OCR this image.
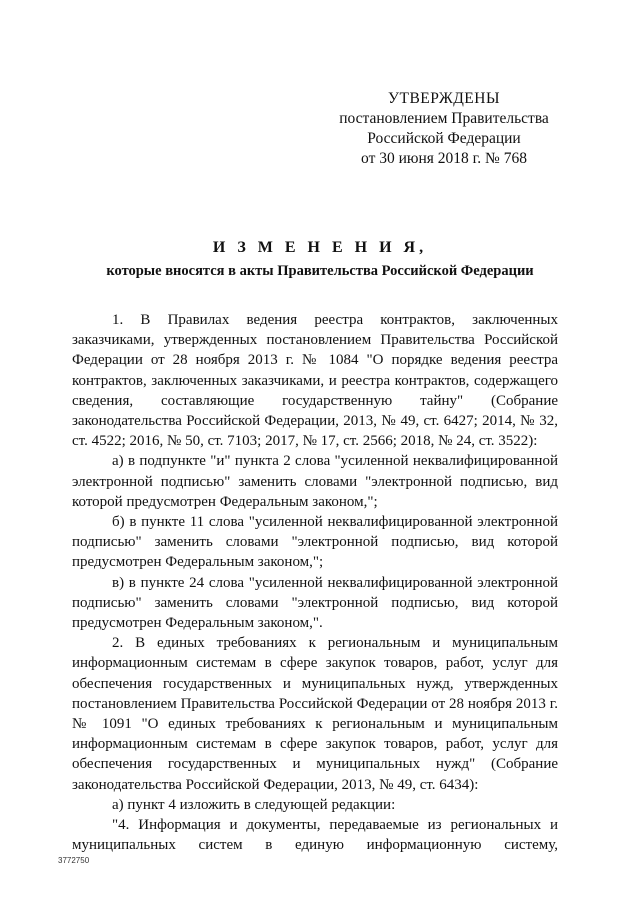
УТВЕРЖДЕНЫ
постановлением Правительства
Российской Федерации
от 30 июня 2018 г. № 768
И З М Е Н Е Н И Я,
которые вносятся в акты Правительства Российской Федерации

1. В Правилах ведения реестра контрактов, заключенных заказчиками, утвержденных постановлением Правительства Российской Федерации от 28 ноября 2013 г. № 1084 "О порядке ведения реестра контрактов, заключенных заказчиками, и реестра контрактов, содержащего сведения, составляющие государственную тайну" (Собрание законодательства Российской Федерации, 2013, № 49, ст. 6427; 2014, № 32, ст. 4522; 2016, № 50, ст. 7103; 2017, № 17, ст. 2566; 2018, № 24, ст. 3522):

а) в подпункте "и" пункта 2 слова "усиленной неквалифицированной электронной подписью" заменить словами "электронной подписью, вид которой предусмотрен Федеральным законом,";

б) в пункте 11 слова "усиленной неквалифицированной электронной подписью" заменить словами "электронной подписью, вид которой предусмотрен Федеральным законом,";

в) в пункте 24 слова "усиленной неквалифицированной электронной подписью" заменить словами "электронной подписью, вид которой предусмотрен Федеральным законом,".

2. В единых требованиях к региональным и муниципальным информационным системам в сфере закупок товаров, работ, услуг для обеспечения государственных и муниципальных нужд, утвержденных постановлением Правительства Российской Федерации от 28 ноября 2013 г. № 1091 "О единых требованиях к региональным и муниципальным информационным системам в сфере закупок товаров, работ, услуг для обеспечения государственных и муниципальных нужд" (Собрание законодательства Российской Федерации, 2013, № 49, ст. 6434):

а) пункт 4 изложить в следующей редакции:

"4. Информация и документы, передаваемые из региональных и муниципальных систем в единую информационную систему,

3772750
